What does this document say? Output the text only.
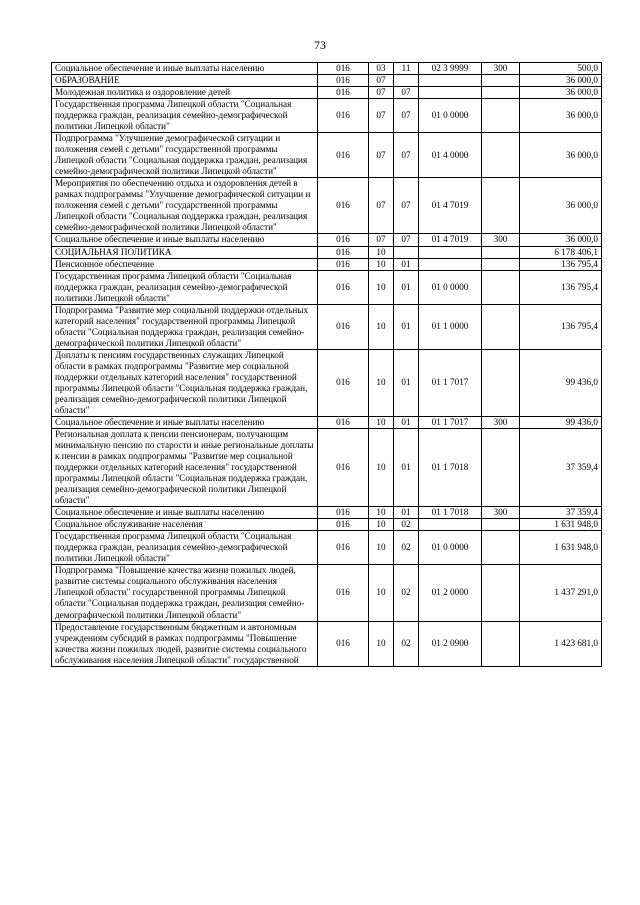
73
Социальное обеспечение и иные выплаты населению	016	03	11	02 3 9999	300	500,0
ОБРАЗОВАНИЕ	016	07				36 000,0
Молодежная политика и оздоровление детей	016	07	07			36 000,0
Государственная программа Липецкой области "Социальная поддержка граждан, реализация семейно-демографической политики Липецкой области"	016	07	07	01 0 0000		36 000,0
Подпрограмма "Улучшение демографической ситуации и положения семей с детьми" государственной программы Липецкой области "Социальная поддержка граждан, реализация семейно-демографической политики Липецкой области"	016	07	07	01 4 0000		36 000,0
Мероприятия по обеспечению отдыха и оздоровления детей в рамках подпрограммы "Улучшение демографической ситуации и положения семей с детьми" государственной программы Липецкой области "Социальная поддержка граждан, реализация семейно-демографической политики Липецкой области"	016	07	07	01 4 7019		36 000,0
Социальное обеспечение и иные выплаты населению	016	07	07	01 4 7019	300	36 000,0
СОЦИАЛЬНАЯ ПОЛИТИКА	016	10				6 178 406,1
Пенсионное обеспечение	016	10	01			136 795,4
Государственная программа Липецкой области "Социальная поддержка граждан, реализация семейно-демографической политики Липецкой области"	016	10	01	01 0 0000		136 795,4
Подпрограмма "Развитие мер социальной поддержки отдельных категорий населения" государственной программы Липецкой области "Социальная поддержка граждан, реализация семейно-демографической политики Липецкой области"	016	10	01	01 1 0000		136 795,4
Доплаты к пенсиям государственных служащих Липецкой области в рамках подпрограммы "Развитие мер социальной поддержки отдельных категорий населения" государственной программы Липецкой области "Социальная поддержка граждан, реализация семейно-демографической политики Липецкой области"	016	10	01	01 1 7017		99 436,0
Социальное обеспечение и иные выплаты населению	016	10	01	01 1 7017	300	99 436,0
Региональная доплата к пенсии пенсионерам, получающим минимальную пенсию по старости и иные региональные доплаты к пенсии в рамках подпрограммы "Развитие мер социальной поддержки отдельных категорий населения" государственной программы Липецкой области "Социальная поддержка граждан, реализация семейно-демографической политики Липецкой области"	016	10	01	01 1 7018		37 359,4
Социальное обеспечение и иные выплаты населению	016	10	01	01 1 7018	300	37 359,4
Социальное обслуживание населения	016	10	02			1 631 948,0
Государственная программа Липецкой области "Социальная поддержка граждан, реализация семейно-демографической политики Липецкой области"	016	10	02	01 0 0000		1 631 948,0
Подпрограмма "Повышение качества жизни пожилых людей, развитие системы социального обслуживания населения Липецкой области" государственной программы Липецкой области "Социальная поддержка граждан, реализация семейно-демографической политики Липецкой области"	016	10	02	01 2 0000		1 437 291,0
Предоставление государственным бюджетным и автономным учреждениям субсидий в рамках подпрограммы "Повышение качества жизни пожилых людей, развитие системы социального обслуживания населения Липецкой области" государственной	016	10	02	01 2 0900		1 423 681,0
